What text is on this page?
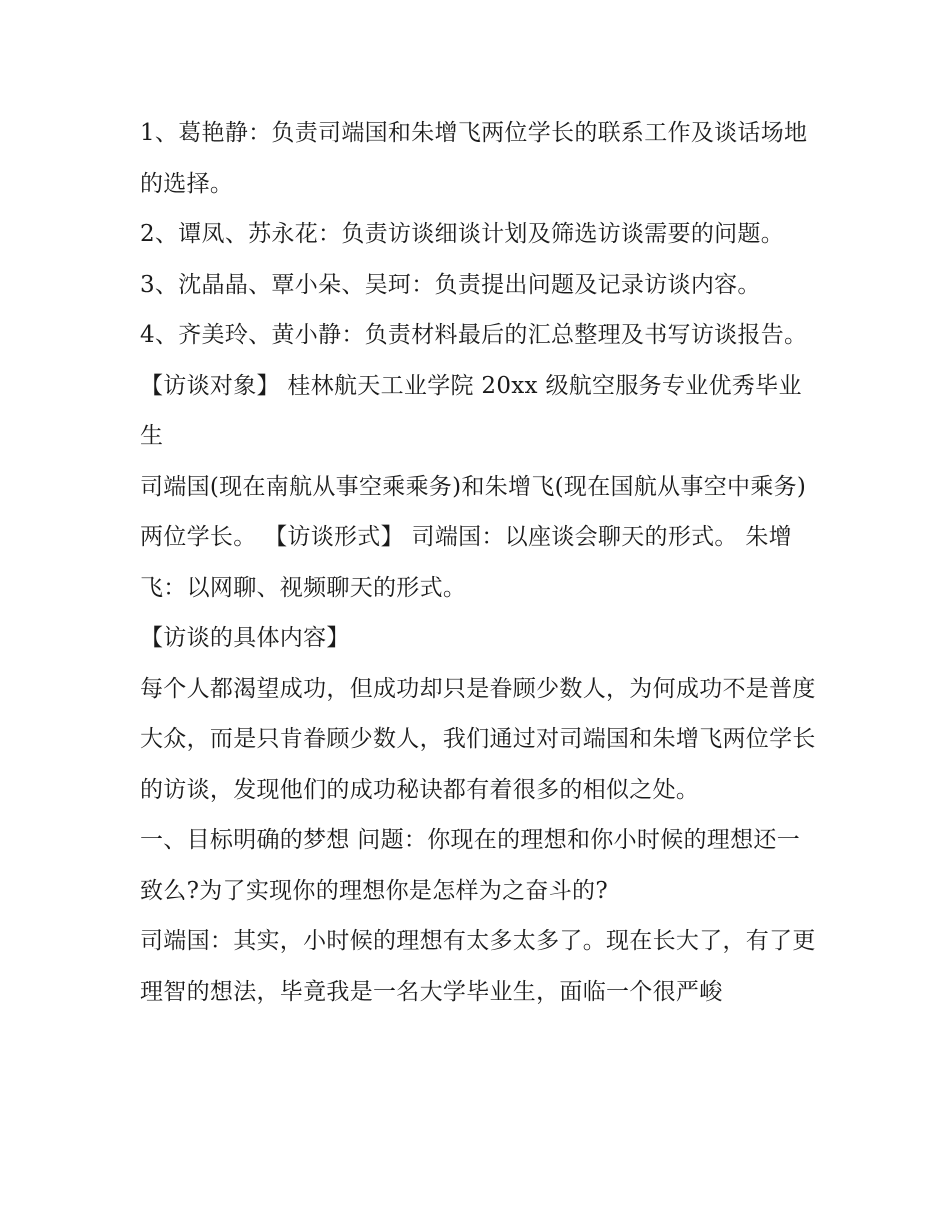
1、葛艳静：负责司端国和朱增飞两位学长的联系工作及谈话场地的选择。

2、谭凤、苏永花：负责访谈细谈计划及筛选访谈需要的问题。 3、沈晶晶、覃小朵、吴珂：负责提出问题及记录访谈内容。

4、齐美玲、黄小静：负责材料最后的汇总整理及书写访谈报告。 【访谈对象】 桂林航天工业学院 20xx 级航空服务专业优秀毕业生

司端国(现在南航从事空乘乘务)和朱增飞(现在国航从事空中乘务)两位学长。 【访谈形式】 司端国：以座谈会聊天的形式。 朱增飞：以网聊、视频聊天的形式。

【访谈的具体内容】

每个人都渴望成功，但成功却只是眷顾少数人，为何成功不是普度大众，而是只肯眷顾少数人，我们通过对司端国和朱增飞两位学长的访谈，发现他们的成功秘诀都有着很多的相似之处。

一、目标明确的梦想 问题：你现在的理想和你小时候的理想还一致么?为了实现你的理想你是怎样为之奋斗的?

司端国：其实，小时候的理想有太多太多了。现在长大了，有了更理智的想法，毕竟我是一名大学毕业生，面临一个很严峻
